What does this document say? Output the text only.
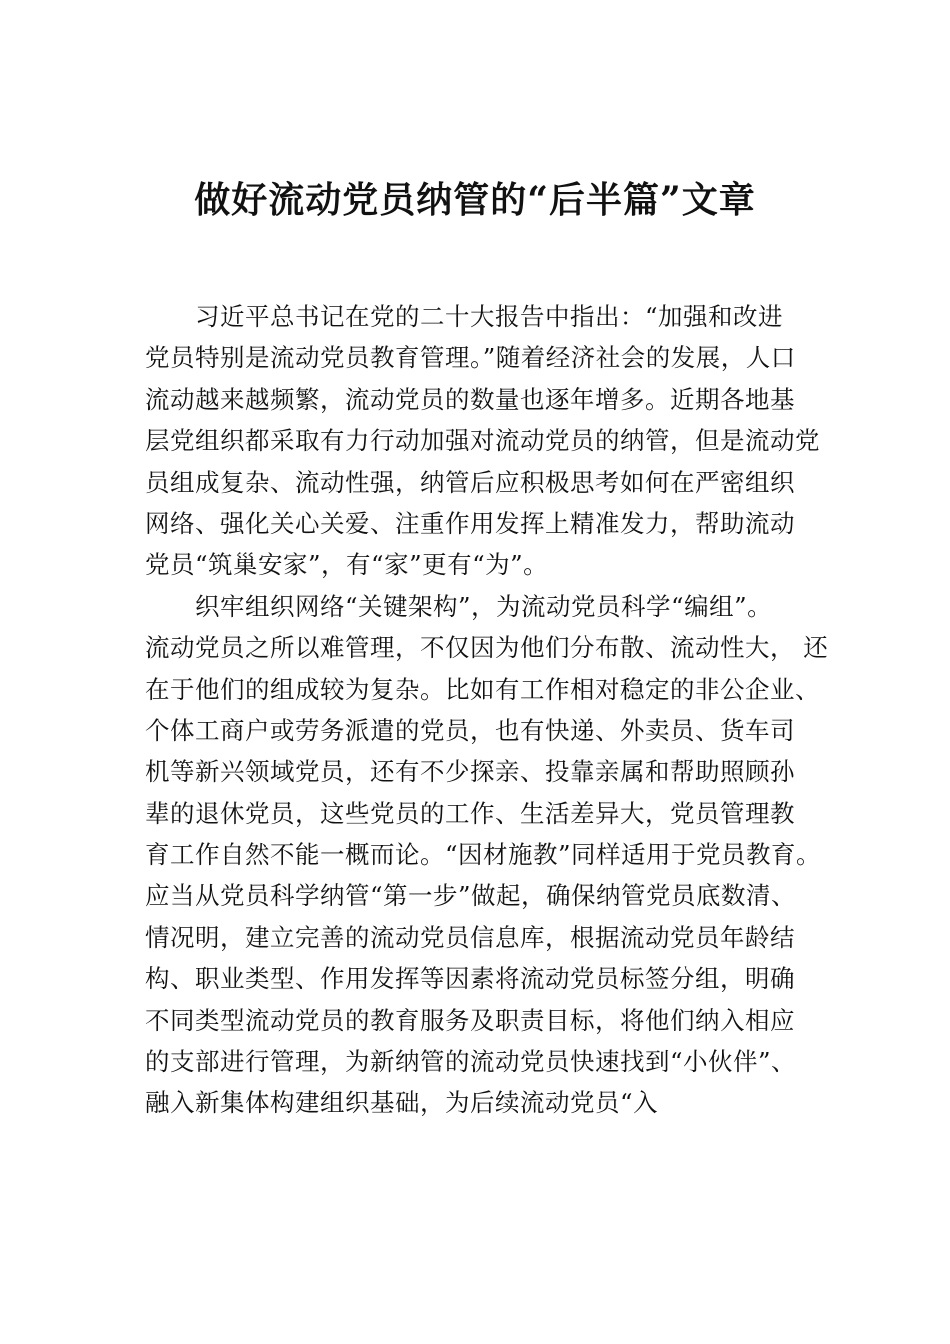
做好流动党员纳管的“后半篇”文章
习近平总书记在党的二十大报告中指出：“加强和改进
党员特别是流动党员教育管理。”随着经济社会的发展，人口
流动越来越频繁，流动党员的数量也逐年增多。近期各地基
层党组织都采取有力行动加强对流动党员的纳管，但是流动党
员组成复杂、流动性强，纳管后应积极思考如何在严密组织
网络、强化关心关爱、注重作用发挥上精准发力，帮助流动
党员“筑巢安家”，有“家”更有“为”。
织牢组织网络“关键架构”，为流动党员科学“编组”。
流动党员之所以难管理，不仅因为他们分布散、流动性大， 还
在于他们的组成较为复杂。比如有工作相对稳定的非公企业、
个体工商户或劳务派遣的党员，也有快递、外卖员、货车司
机等新兴领域党员，还有不少探亲、投靠亲属和帮助照顾孙
辈的退休党员，这些党员的工作、生活差异大，党员管理教
育工作自然不能一概而论。“因材施教”同样适用于党员教育。
应当从党员科学纳管“第一步”做起，确保纳管党员底数清、
情况明，建立完善的流动党员信息库，根据流动党员年龄结
构、职业类型、作用发挥等因素将流动党员标签分组，明确
不同类型流动党员的教育服务及职责目标，将他们纳入相应
的支部进行管理，为新纳管的流动党员快速找到“小伙伴”、
融入新集体构建组织基础，为后续流动党员“入
